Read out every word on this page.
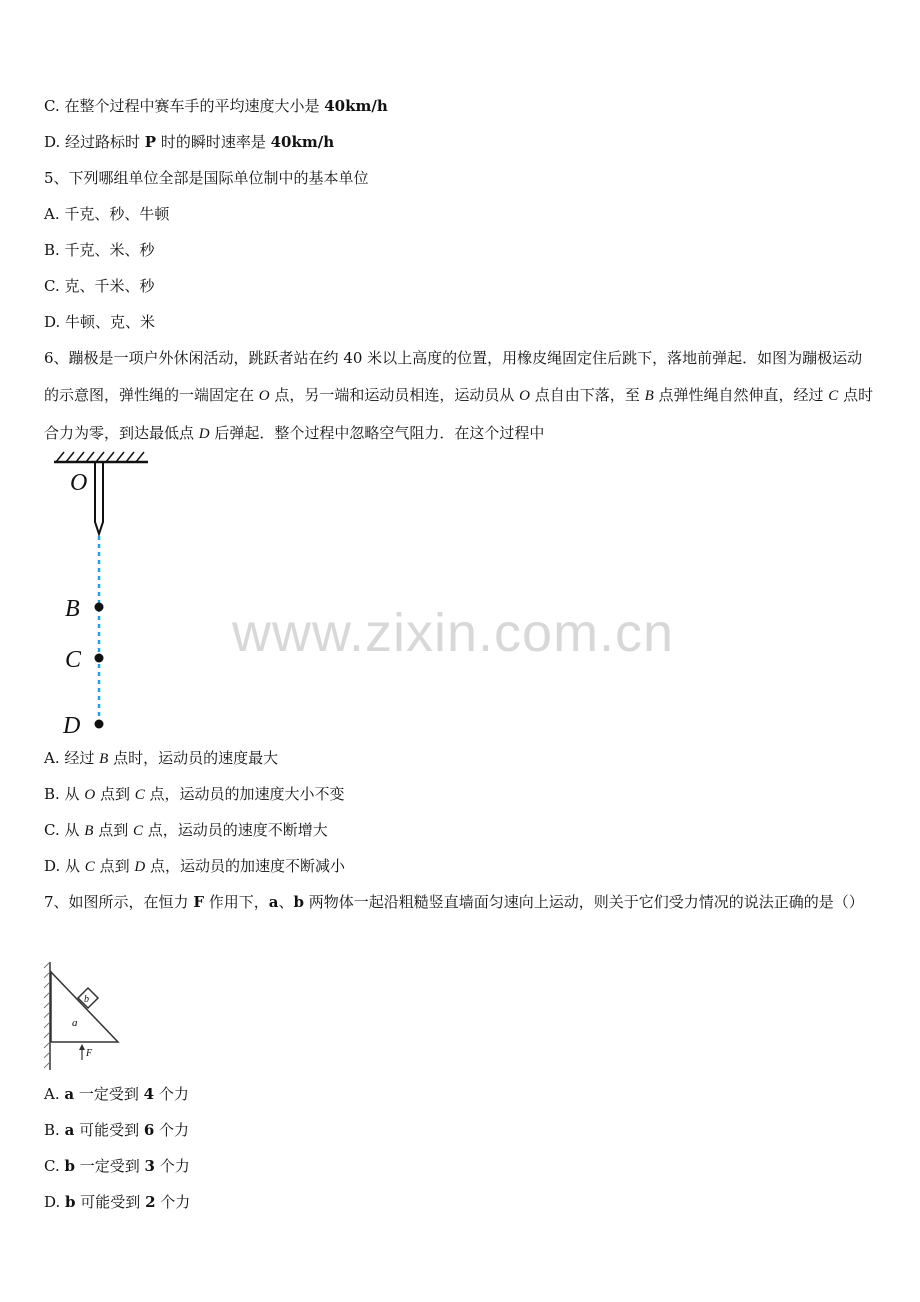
C. 在整个过程中赛车手的平均速度大小是 40km/h
D. 经过路标时 P 时的瞬时速率是 40km/h
5、下列哪组单位全部是国际单位制中的基本单位
A. 千克、秒、牛顿
B. 千克、米、秒
C. 克、千米、秒
D. 牛顿、克、米
6、蹦极是一项户外休闲活动，跳跃者站在约 40 米以上高度的位置，用橡皮绳固定住后跳下，落地前弹起．如图为蹦极运动的示意图，弹性绳的一端固定在 O 点，另一端和运动员相连，运动员从 O 点自由下落，至 B 点弹性绳自然伸直，经过 C 点时合力为零，到达最低点 D 后弹起．整个过程中忽略空气阻力．在这个过程中
O
B
C
D
www.zixin.com.cn
A. 经过 B 点时，运动员的速度最大
B. 从 O 点到 C 点，运动员的加速度大小不变
C. 从 B 点到 C 点，运动员的速度不断增大
D. 从 C 点到 D 点，运动员的加速度不断减小
7、如图所示，在恒力 F 作用下，a、b 两物体一起沿粗糙竖直墙面匀速向上运动，则关于它们受力情况的说法正确的是（）
b
a
F
A. a 一定受到 4 个力
B. a 可能受到 6 个力
C. b 一定受到 3 个力
D. b 可能受到 2 个力
